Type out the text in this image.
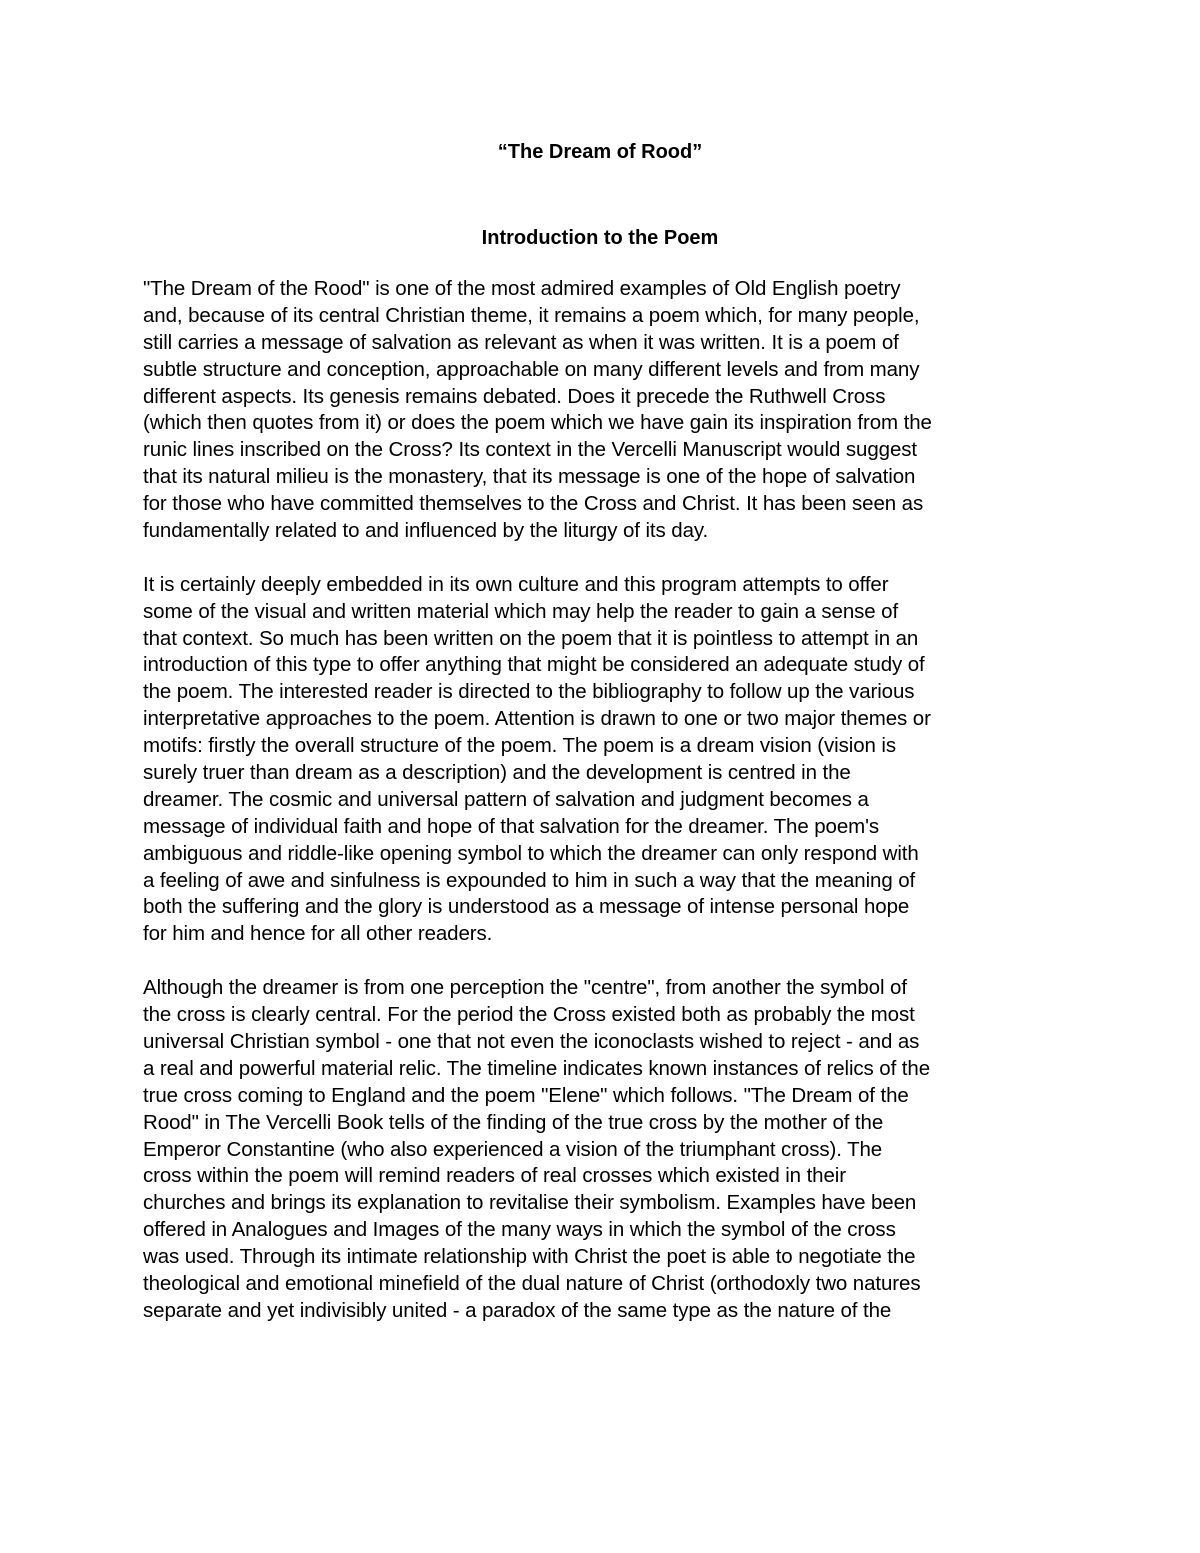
“The Dream of Rood”
Introduction to the Poem
"The Dream of the Rood" is one of the most admired examples of Old English poetry
and, because of its central Christian theme, it remains a poem which, for many people,
still carries a message of salvation as relevant as when it was written. It is a poem of
subtle structure and conception, approachable on many different levels and from many
different aspects. Its genesis remains debated. Does it precede the Ruthwell Cross
(which then quotes from it) or does the poem which we have gain its inspiration from the
runic lines inscribed on the Cross? Its context in the Vercelli Manuscript would suggest
that its natural milieu is the monastery, that its message is one of the hope of salvation
for those who have committed themselves to the Cross and Christ. It has been seen as
fundamentally related to and influenced by the liturgy of its day.
It is certainly deeply embedded in its own culture and this program attempts to offer
some of the visual and written material which may help the reader to gain a sense of
that context. So much has been written on the poem that it is pointless to attempt in an
introduction of this type to offer anything that might be considered an adequate study of
the poem. The interested reader is directed to the bibliography to follow up the various
interpretative approaches to the poem. Attention is drawn to one or two major themes or
motifs: firstly the overall structure of the poem. The poem is a dream vision (vision is
surely truer than dream as a description) and the development is centred in the
dreamer. The cosmic and universal pattern of salvation and judgment becomes a
message of individual faith and hope of that salvation for the dreamer. The poem's
ambiguous and riddle-like opening symbol to which the dreamer can only respond with
a feeling of awe and sinfulness is expounded to him in such a way that the meaning of
both the suffering and the glory is understood as a message of intense personal hope
for him and hence for all other readers.
Although the dreamer is from one perception the "centre", from another the symbol of
the cross is clearly central. For the period the Cross existed both as probably the most
universal Christian symbol - one that not even the iconoclasts wished to reject - and as
a real and powerful material relic. The timeline indicates known instances of relics of the
true cross coming to England and the poem "Elene" which follows. "The Dream of the
Rood" in The Vercelli Book tells of the finding of the true cross by the mother of the
Emperor Constantine (who also experienced a vision of the triumphant cross). The
cross within the poem will remind readers of real crosses which existed in their
churches and brings its explanation to revitalise their symbolism. Examples have been
offered in Analogues and Images of the many ways in which the symbol of the cross
was used. Through its intimate relationship with Christ the poet is able to negotiate the
theological and emotional minefield of the dual nature of Christ (orthodoxly two natures
separate and yet indivisibly united - a paradox of the same type as the nature of the
